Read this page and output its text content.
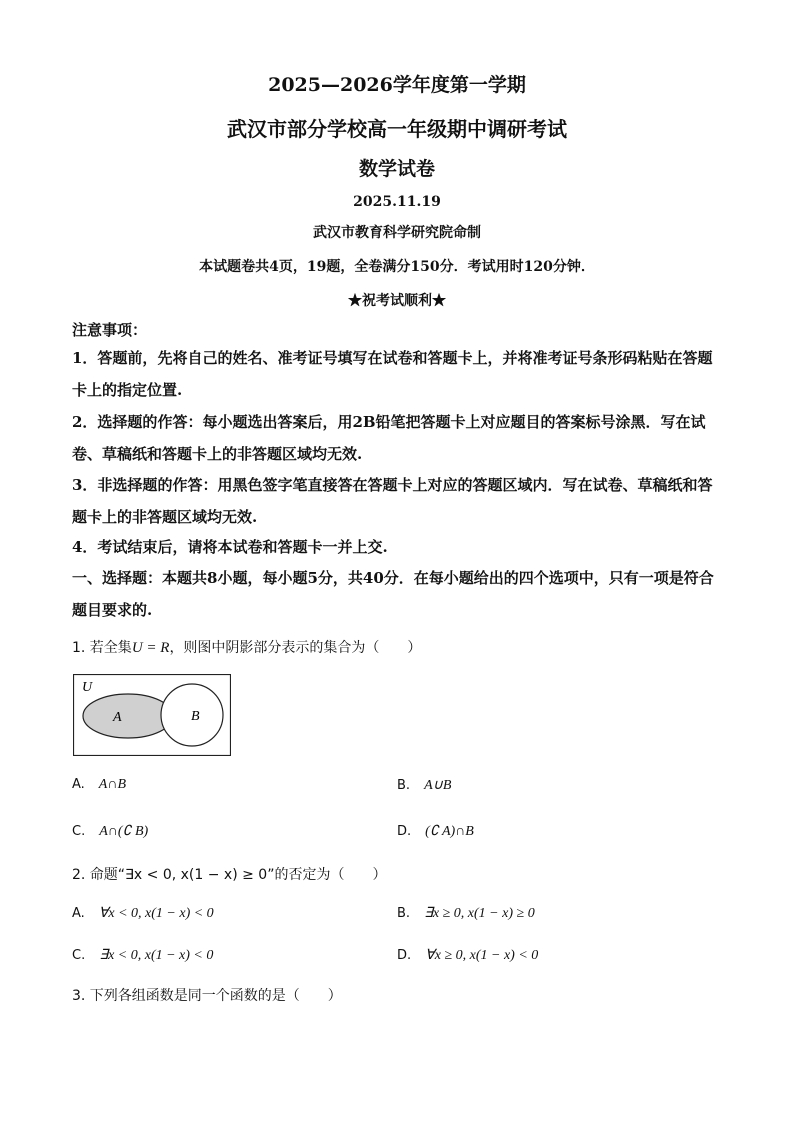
2025—2026学年度第一学期
武汉市部分学校高一年级期中调研考试
数学试卷
2025.11.19
武汉市教育科学研究院命制
本试题卷共4页，19题，全卷满分150分．考试用时120分钟．
★祝考试顺利★
注意事项：
1．答题前，先将自己的姓名、准考证号填写在试卷和答题卡上，并将准考证号条形码粘贴在答题卡上的指定位置.
2．选择题的作答：每小题选出答案后，用2B铅笔把答题卡上对应题目的答案标号涂黑．写在试卷、草稿纸和答题卡上的非答题区域均无效.
3．非选择题的作答：用黑色签字笔直接答在答题卡上对应的答题区域内．写在试卷、草稿纸和答题卡上的非答题区域均无效.
4．考试结束后，请将本试卷和答题卡一并上交.
一、选择题：本题共8小题，每小题5分，共40分．在每小题给出的四个选项中，只有一项是符合题目要求的.
1. 若全集U = R，则图中阴影部分表示的集合为（　　）
U
A	B
A. A∩B	B. A∪B
C. A∩(∁ B)	D. (∁ A)∩B
2. 命题“∃x < 0, x(1 − x) ≥ 0”的否定为（　　）
A. ∀x < 0, x(1 − x) < 0	B. ∃x ≥ 0, x(1 − x) ≥ 0
C. ∃x < 0, x(1 − x) < 0	D. ∀x ≥ 0, x(1 − x) < 0
3. 下列各组函数是同一个函数的是（　　）
